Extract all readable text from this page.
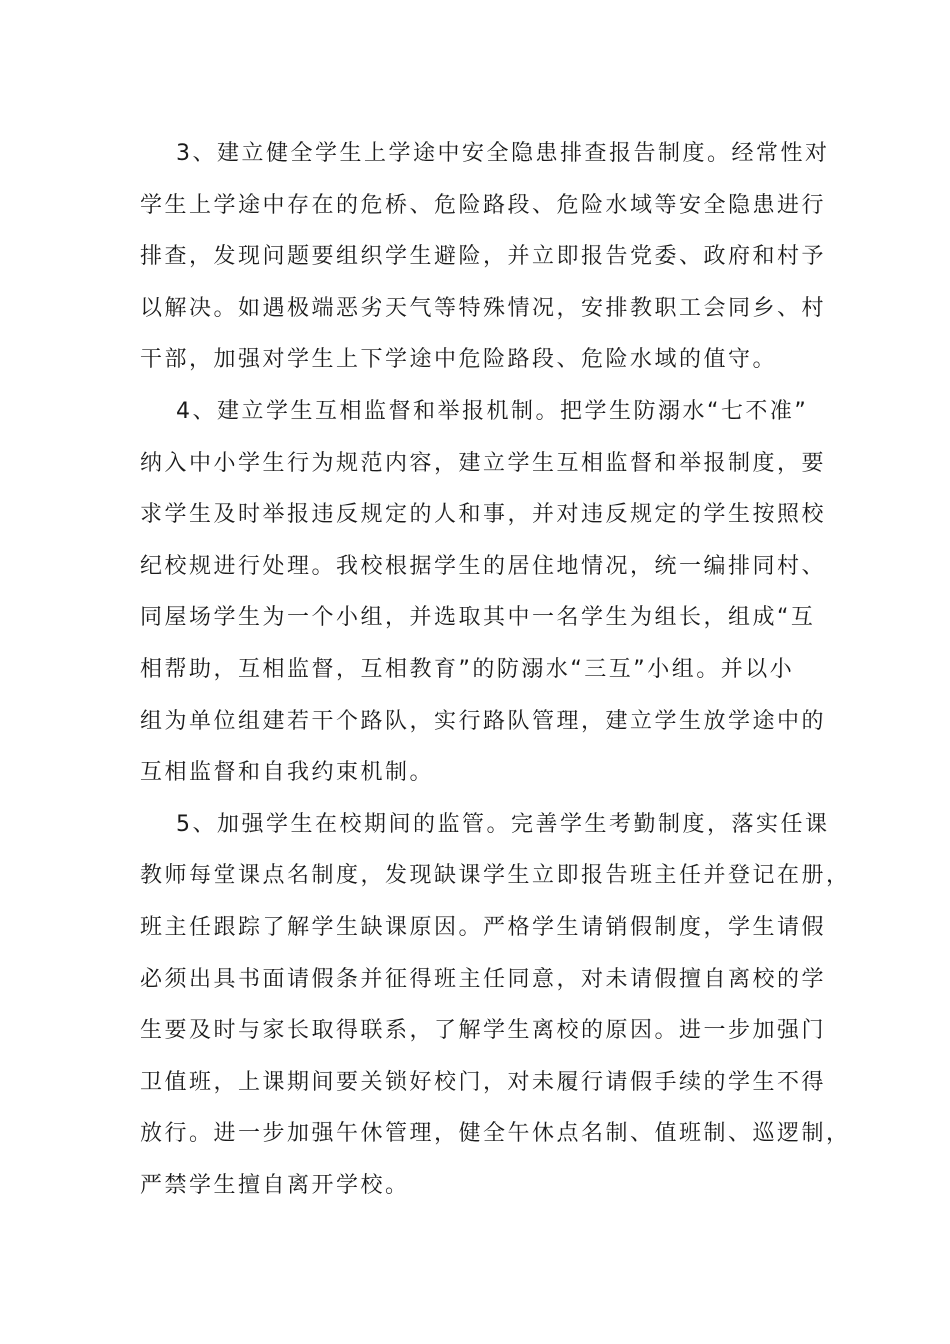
3、建立健全学生上学途中安全隐患排查报告制度。经常性对
学生上学途中存在的危桥、危险路段、危险水域等安全隐患进行
排查，发现问题要组织学生避险，并立即报告党委、政府和村予
以解决。如遇极端恶劣天气等特殊情况，安排教职工会同乡、村
干部，加强对学生上下学途中危险路段、危险水域的值守。
4、建立学生互相监督和举报机制。把学生防溺水“七不准”
纳入中小学生行为规范内容，建立学生互相监督和举报制度，要
求学生及时举报违反规定的人和事，并对违反规定的学生按照校
纪校规进行处理。我校根据学生的居住地情况，统一编排同村、
同屋场学生为一个小组，并选取其中一名学生为组长，组成“互
相帮助，互相监督，互相教育”的防溺水“三互”小组。并以小
组为单位组建若干个路队，实行路队管理，建立学生放学途中的
互相监督和自我约束机制。
5、加强学生在校期间的监管。完善学生考勤制度，落实任课
教师每堂课点名制度，发现缺课学生立即报告班主任并登记在册，
班主任跟踪了解学生缺课原因。严格学生请销假制度，学生请假
必须出具书面请假条并征得班主任同意，对未请假擅自离校的学
生要及时与家长取得联系，了解学生离校的原因。进一步加强门
卫值班，上课期间要关锁好校门，对未履行请假手续的学生不得
放行。进一步加强午休管理，健全午休点名制、值班制、巡逻制，
严禁学生擅自离开学校。
